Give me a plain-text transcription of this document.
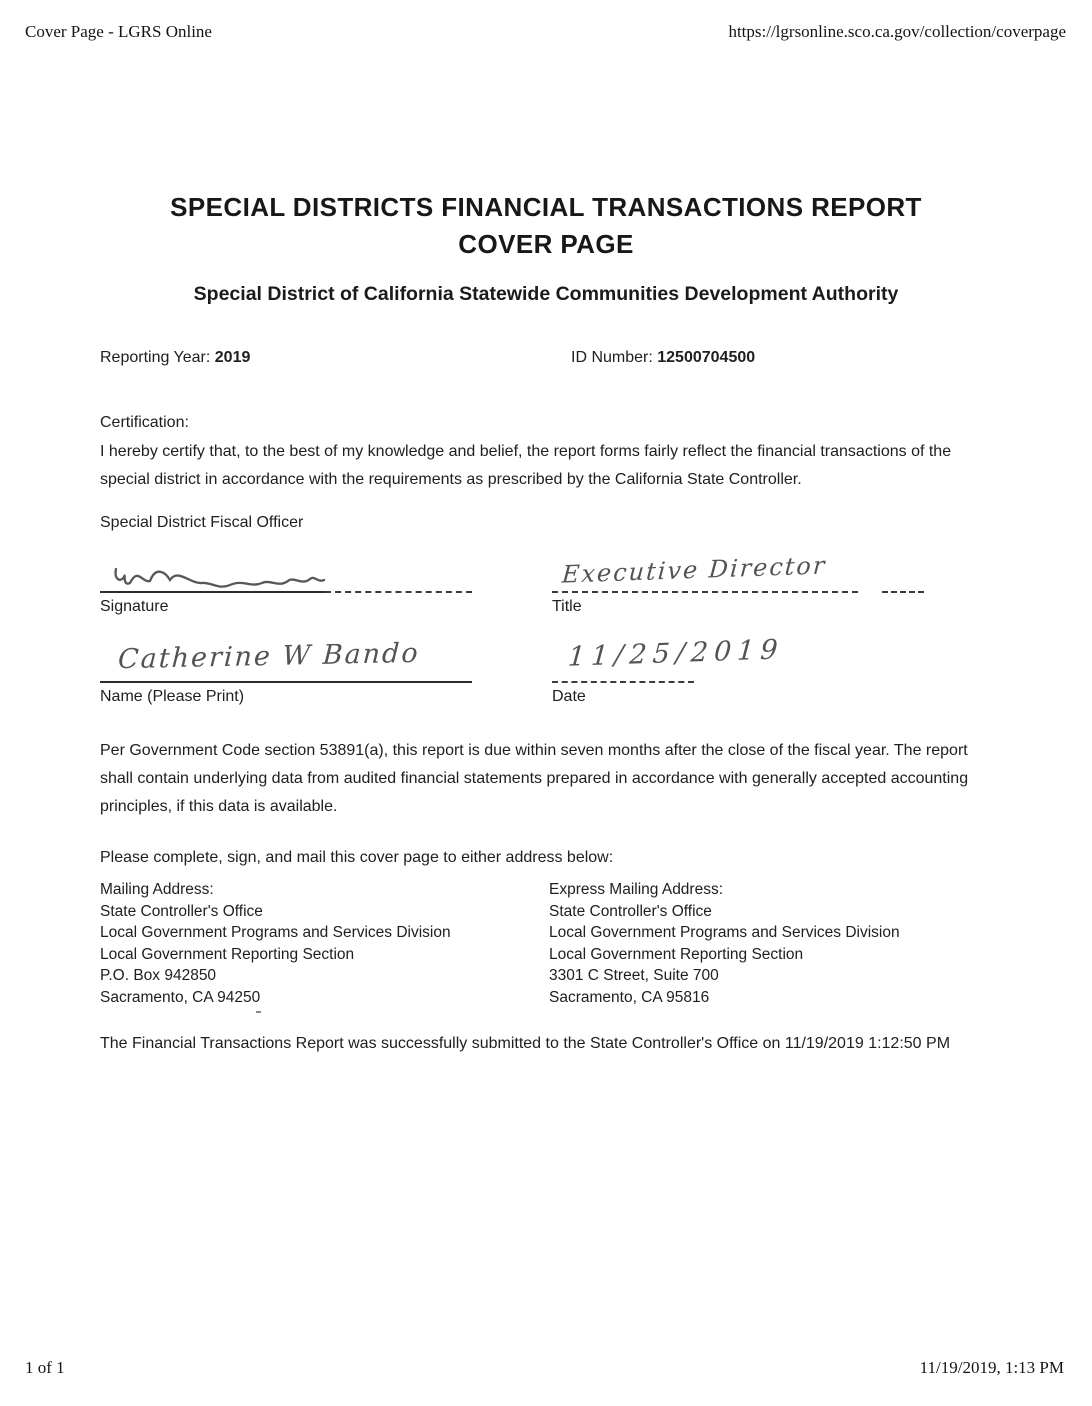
Cover Page - LGRS Online	https://lgrsonline.sco.ca.gov/collection/coverpage
SPECIAL DISTRICTS FINANCIAL TRANSACTIONS REPORT
COVER PAGE
Special District of California Statewide Communities Development Authority
Reporting Year: 2019	ID Number: 12500704500
Certification:
I hereby certify that, to the best of my knowledge and belief, the report forms fairly reflect the financial transactions of the special district in accordance with the requirements as prescribed by the California State Controller.
Special District Fiscal Officer
Signature
Executive Director
Title
Catherine W Bando
Name (Please Print)
11/25/2019
Date
Per Government Code section 53891(a), this report is due within seven months after the close of the fiscal year. The report shall contain underlying data from audited financial statements prepared in accordance with generally accepted accounting principles, if this data is available.
Please complete, sign, and mail this cover page to either address below:
Mailing Address:
State Controller's Office
Local Government Programs and Services Division
Local Government Reporting Section
P.O. Box 942850
Sacramento, CA 94250
Express Mailing Address:
State Controller's Office
Local Government Programs and Services Division
Local Government Reporting Section
3301 C Street, Suite 700
Sacramento, CA 95816
The Financial Transactions Report was successfully submitted to the State Controller's Office on 11/19/2019 1:12:50 PM
1 of 1	11/19/2019, 1:13 PM
